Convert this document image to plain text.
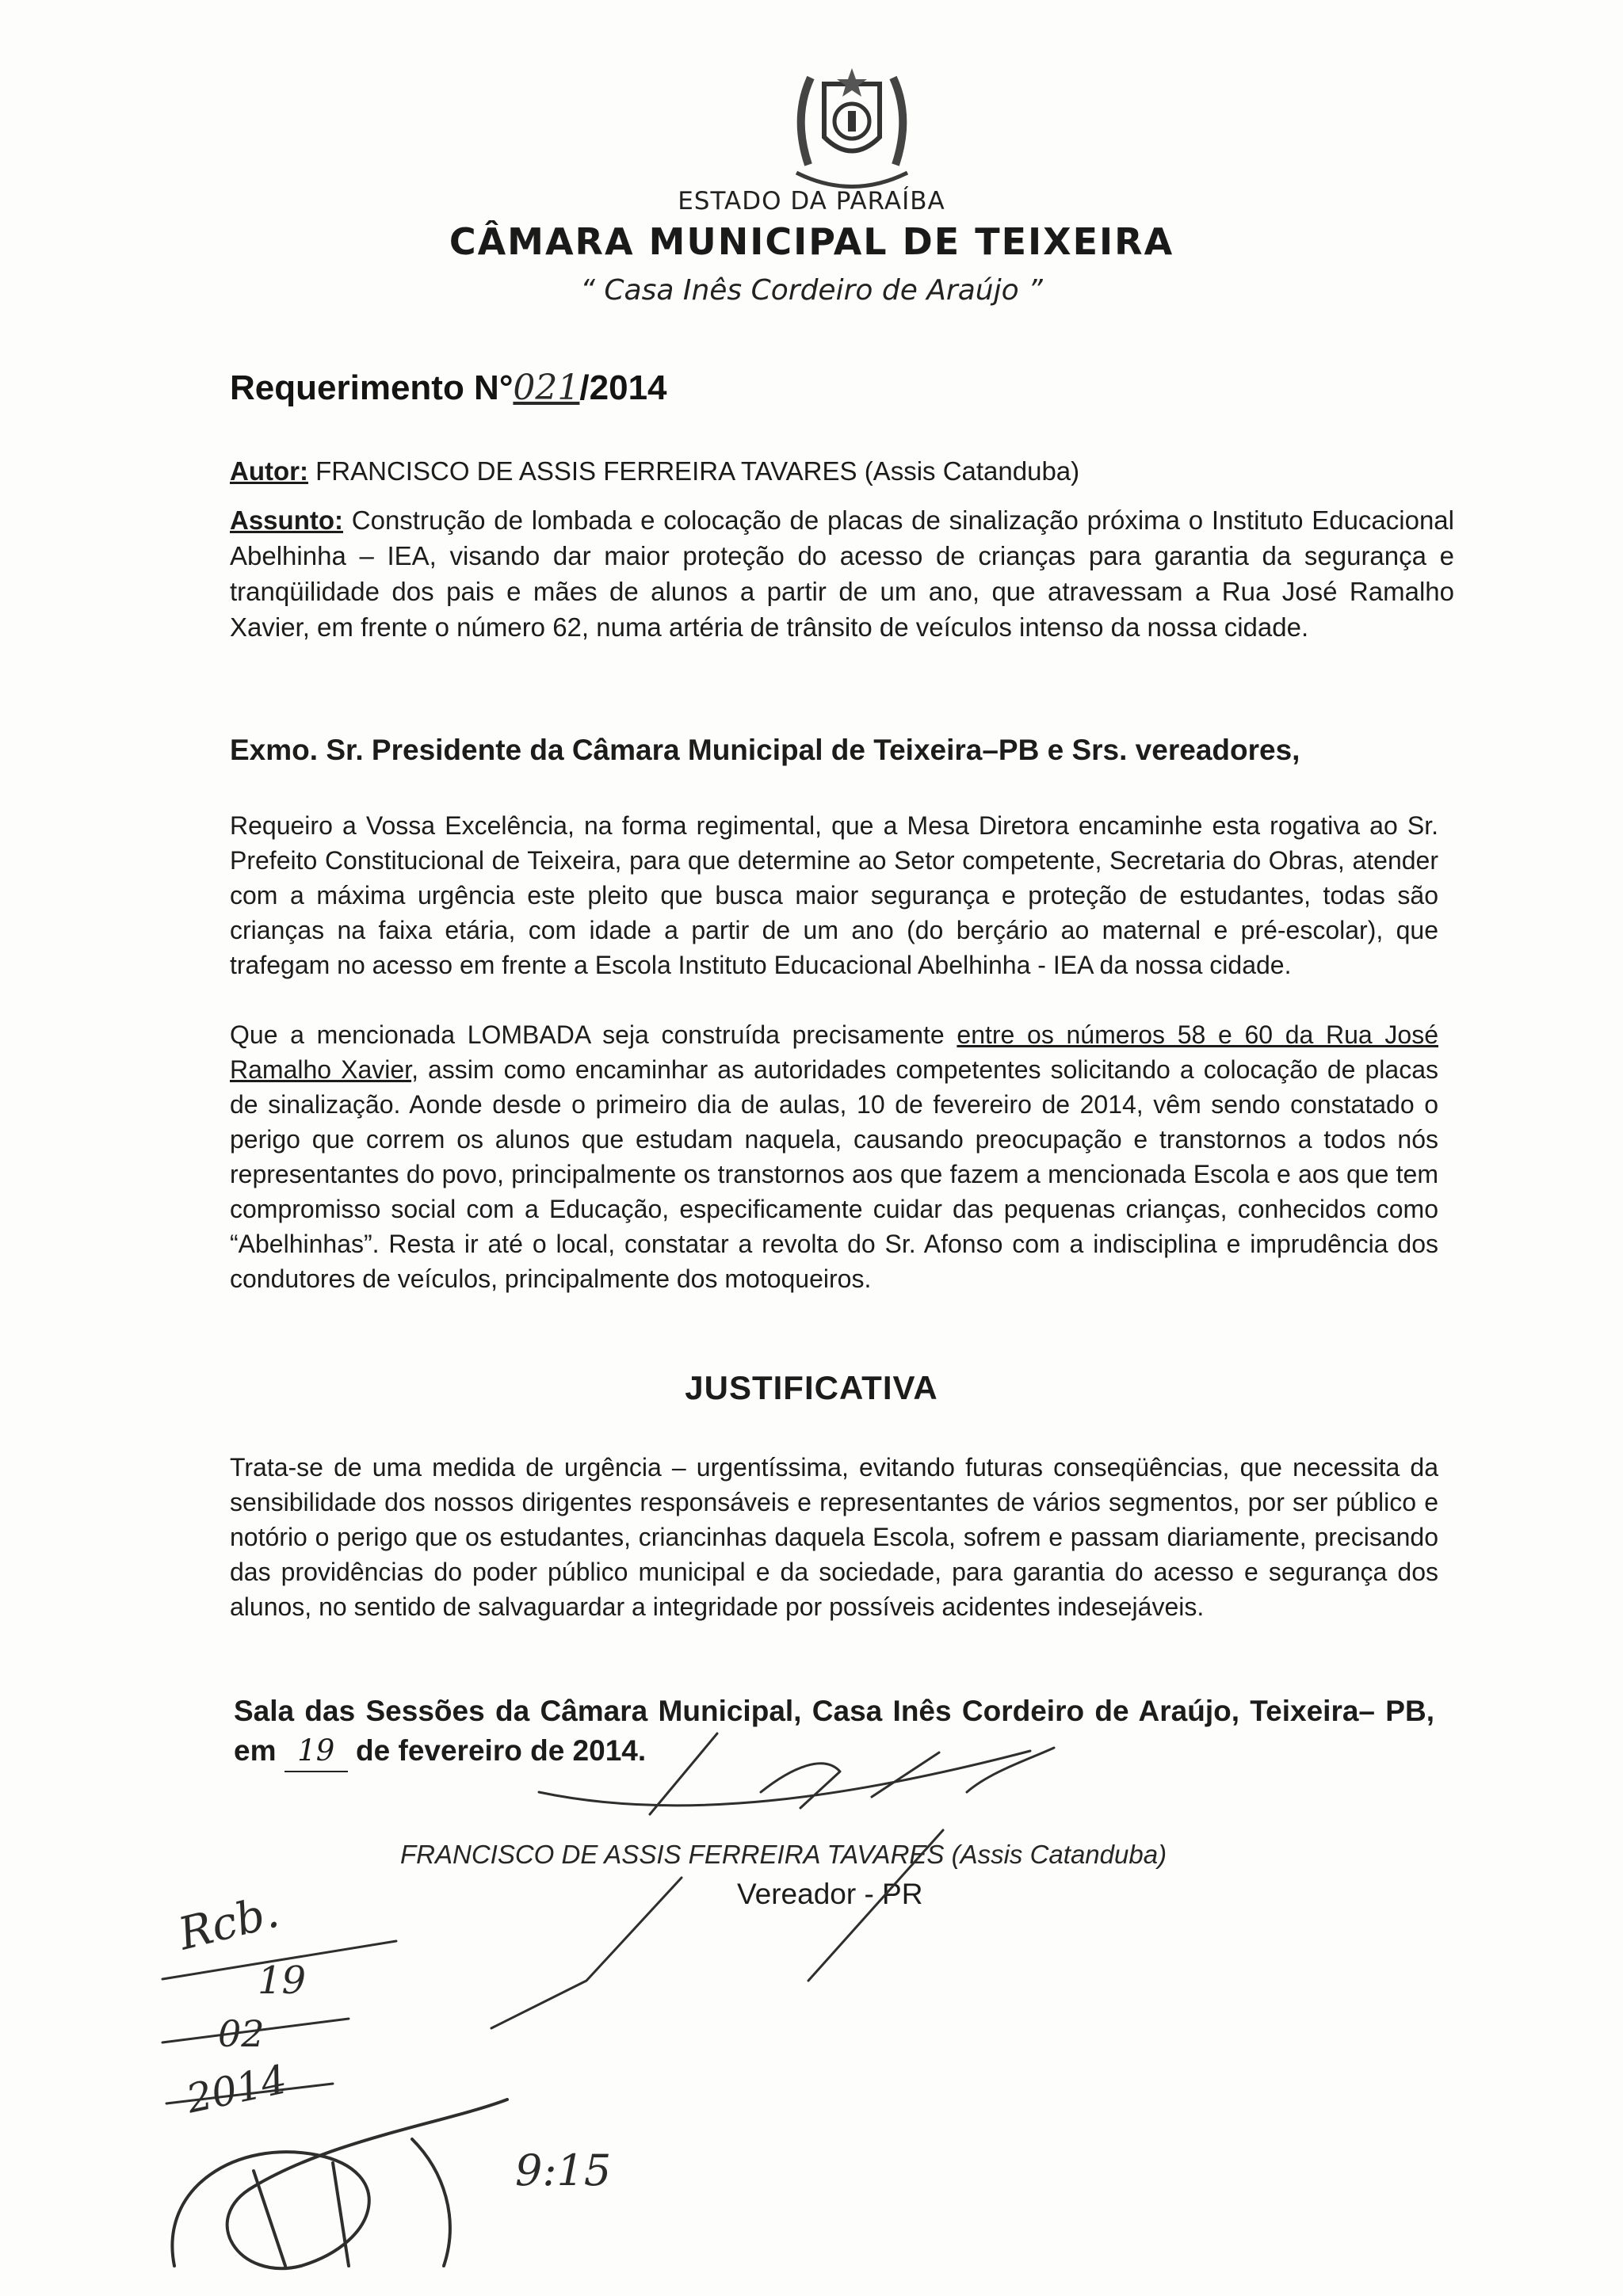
ESTADO DA PARAÍBA
CÂMARA MUNICIPAL DE TEIXEIRA
“ Casa Inês Cordeiro de Araújo ”
Requerimento N°021/2014
Autor: FRANCISCO DE ASSIS FERREIRA TAVARES (Assis Catanduba)
Assunto: Construção de lombada e colocação de placas de sinalização próxima o Instituto Educacional Abelhinha – IEA, visando dar maior proteção do acesso de crianças para garantia da segurança e tranqüilidade dos pais e mães de alunos a partir de um ano, que atravessam a Rua José Ramalho Xavier, em frente o número 62, numa artéria de trânsito de veículos intenso da nossa cidade.
Exmo. Sr. Presidente da Câmara Municipal de Teixeira–PB e Srs. vereadores,
Requeiro a Vossa Excelência, na forma regimental, que a Mesa Diretora encaminhe esta rogativa ao Sr. Prefeito Constitucional de Teixeira, para que determine ao Setor competente, Secretaria do Obras, atender com a máxima urgência este pleito que busca maior segurança e proteção de estudantes, todas são crianças na faixa etária, com idade a partir de um ano (do berçário ao maternal e pré-escolar), que trafegam no acesso em frente a Escola Instituto Educacional Abelhinha - IEA da nossa cidade.
Que a mencionada LOMBADA seja construída precisamente entre os números 58 e 60 da Rua José Ramalho Xavier, assim como encaminhar as autoridades competentes solicitando a colocação de placas de sinalização. Aonde desde o primeiro dia de aulas, 10 de fevereiro de 2014, vêm sendo constatado o perigo que correm os alunos que estudam naquela, causando preocupação e transtornos a todos nós representantes do povo, principalmente os transtornos aos que fazem a mencionada Escola e aos que tem compromisso social com a Educação, especificamente cuidar das pequenas crianças, conhecidos como “Abelhinhas”. Resta ir até o local, constatar a revolta do Sr. Afonso com a indisciplina e imprudência dos condutores de veículos, principalmente dos motoqueiros.
JUSTIFICATIVA
Trata-se de uma medida de urgência – urgentíssima, evitando futuras conseqüências, que necessita da sensibilidade dos nossos dirigentes responsáveis e representantes de vários segmentos, por ser público e notório o perigo que os estudantes, criancinhas daquela Escola, sofrem e passam diariamente, precisando das providências do poder público municipal e da sociedade, para garantia do acesso e segurança dos alunos, no sentido de salvaguardar a integridade por possíveis acidentes indesejáveis.
Sala das Sessões da Câmara Municipal, Casa Inês Cordeiro de Araújo, Teixeira– PB, em 19 de fevereiro de 2014.
FRANCISCO DE ASSIS FERREIRA TAVARES (Assis Catanduba)
Vereador - PR
Rcb.
19
02
2014
9:15
